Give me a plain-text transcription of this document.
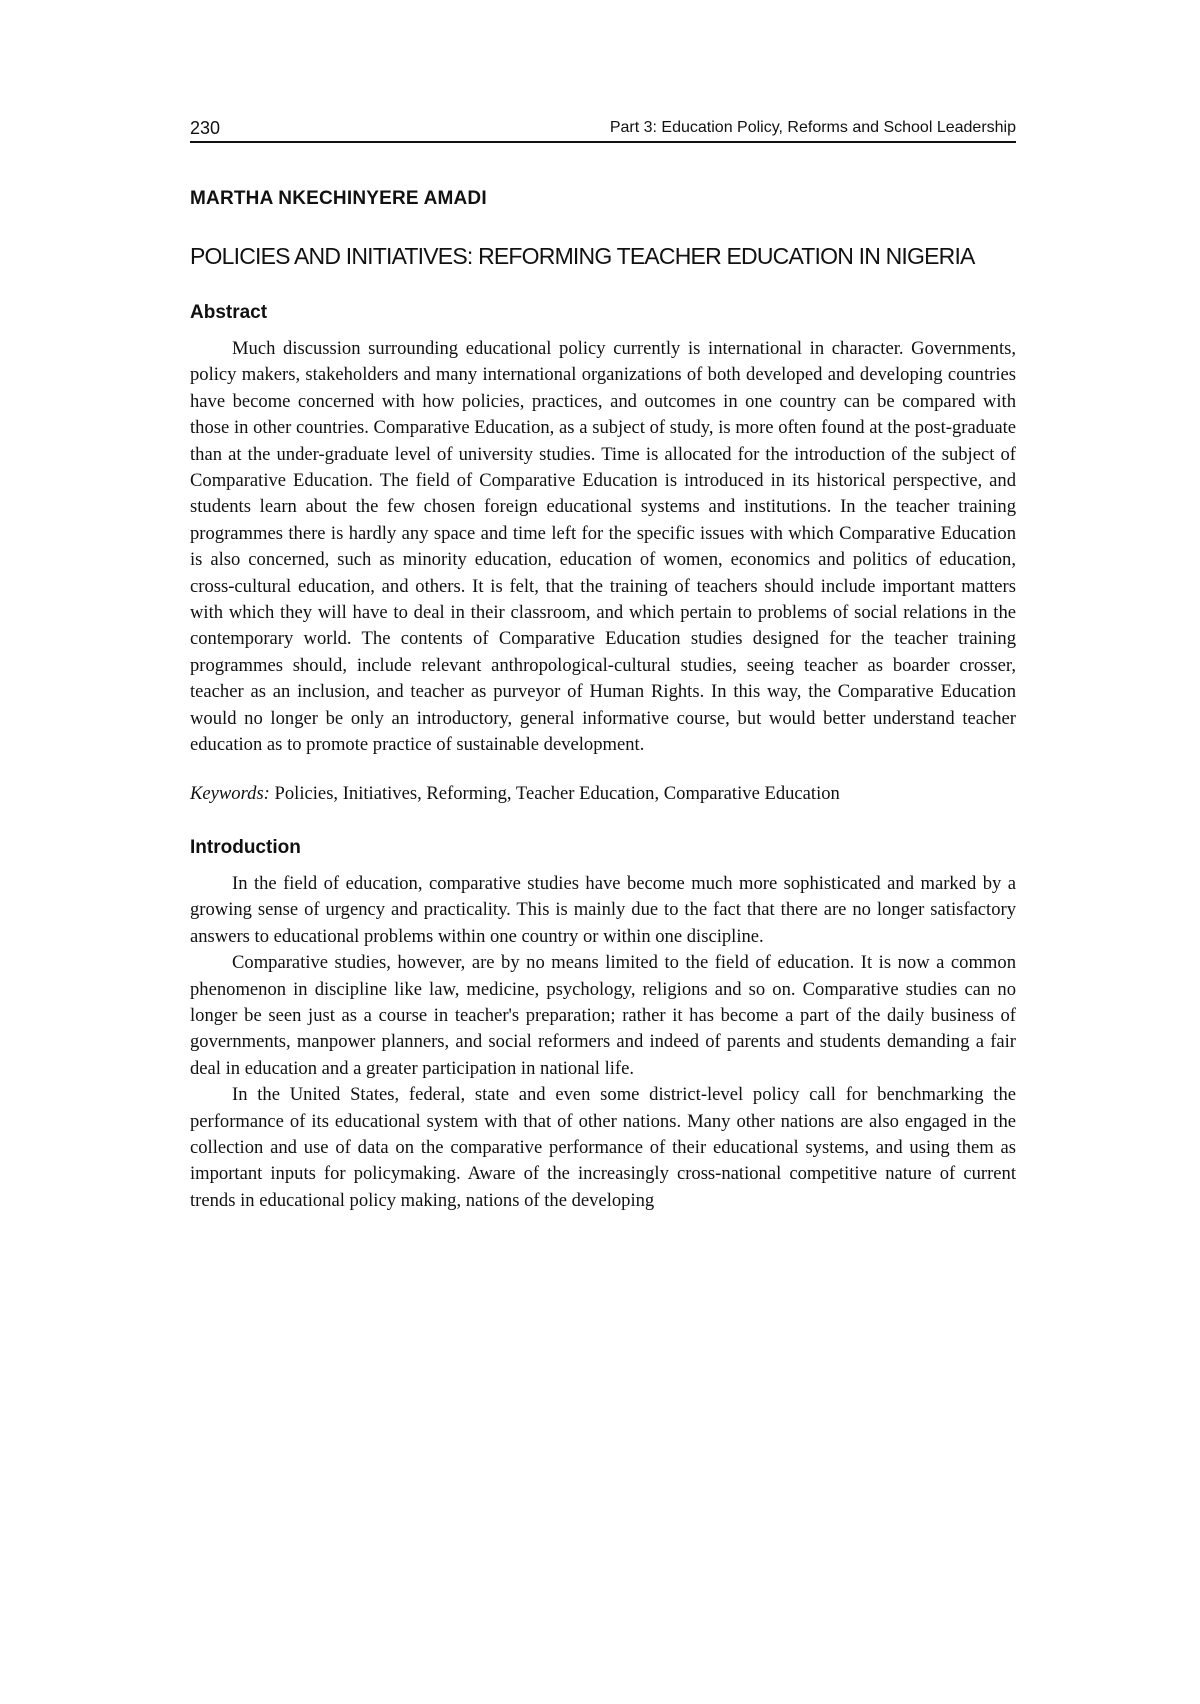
230	Part 3: Education Policy, Reforms and School Leadership
MARTHA NKECHINYERE AMADI
POLICIES AND INITIATIVES: REFORMING TEACHER EDUCATION IN NIGERIA
Abstract

Much discussion surrounding educational policy currently is international in character. Governments, policy makers, stakeholders and many international organizations of both developed and developing countries have become concerned with how policies, practices, and outcomes in one country can be compared with those in other countries. Comparative Education, as a subject of study, is more often found at the post-graduate than at the under-graduate level of university studies. Time is allocated for the introduction of the subject of Comparative Education. The field of Comparative Education is introduced in its historical perspective, and students learn about the few chosen foreign educational systems and institutions. In the teacher training programmes there is hardly any space and time left for the specific issues with which Comparative Education is also concerned, such as minority education, education of women, economics and politics of education, cross-cultural education, and others. It is felt, that the training of teachers should include important matters with which they will have to deal in their classroom, and which pertain to problems of social relations in the contemporary world. The contents of Comparative Education studies designed for the teacher training programmes should, include relevant anthropological-cultural studies, seeing teacher as boarder crosser, teacher as an inclusion, and teacher as purveyor of Human Rights. In this way, the Comparative Education would no longer be only an introductory, general informative course, but would better understand teacher education as to promote practice of sustainable development.

Keywords: Policies, Initiatives, Reforming, Teacher Education, Comparative Education

Introduction

In the field of education, comparative studies have become much more sophisticated and marked by a growing sense of urgency and practicality. This is mainly due to the fact that there are no longer satisfactory answers to educational problems within one country or within one discipline.

Comparative studies, however, are by no means limited to the field of education. It is now a common phenomenon in discipline like law, medicine, psychology, religions and so on. Comparative studies can no longer be seen just as a course in teacher's preparation; rather it has become a part of the daily business of governments, manpower planners, and social reformers and indeed of parents and students demanding a fair deal in education and a greater participation in national life.

In the United States, federal, state and even some district-level policy call for benchmarking the performance of its educational system with that of other nations. Many other nations are also engaged in the collection and use of data on the comparative performance of their educational systems, and using them as important inputs for policymaking. Aware of the increasingly cross-national competitive nature of current trends in educational policy making, nations of the developing
